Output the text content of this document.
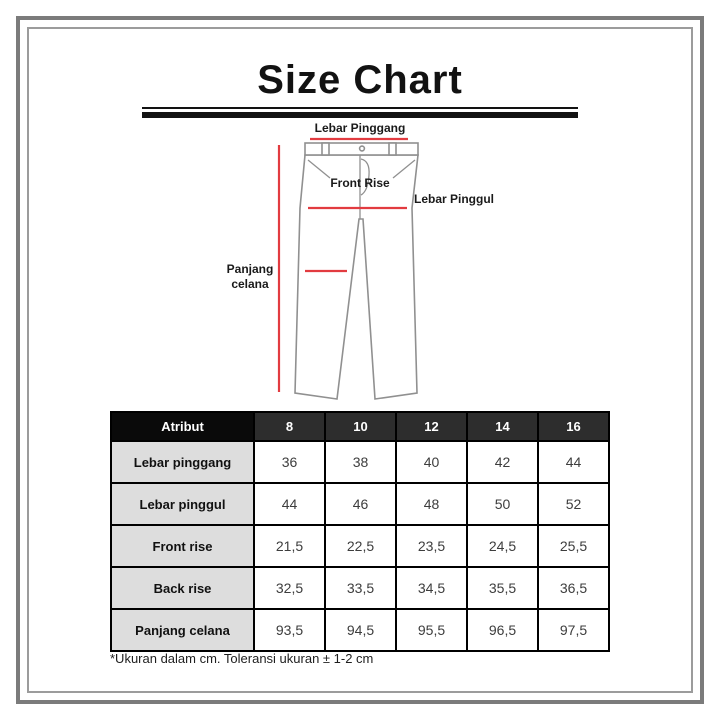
Size Chart
Lebar Pinggang
Front Rise
Lebar Pinggul
Panjang
celana
Atribut	8	10	12	14	16
Lebar pinggang	36	38	40	42	44
Lebar pinggul	44	46	48	50	52
Front rise	21,5	22,5	23,5	24,5	25,5
Back rise	32,5	33,5	34,5	35,5	36,5
Panjang celana	93,5	94,5	95,5	96,5	97,5
*Ukuran dalam cm. Toleransi ukuran ± 1-2 cm
